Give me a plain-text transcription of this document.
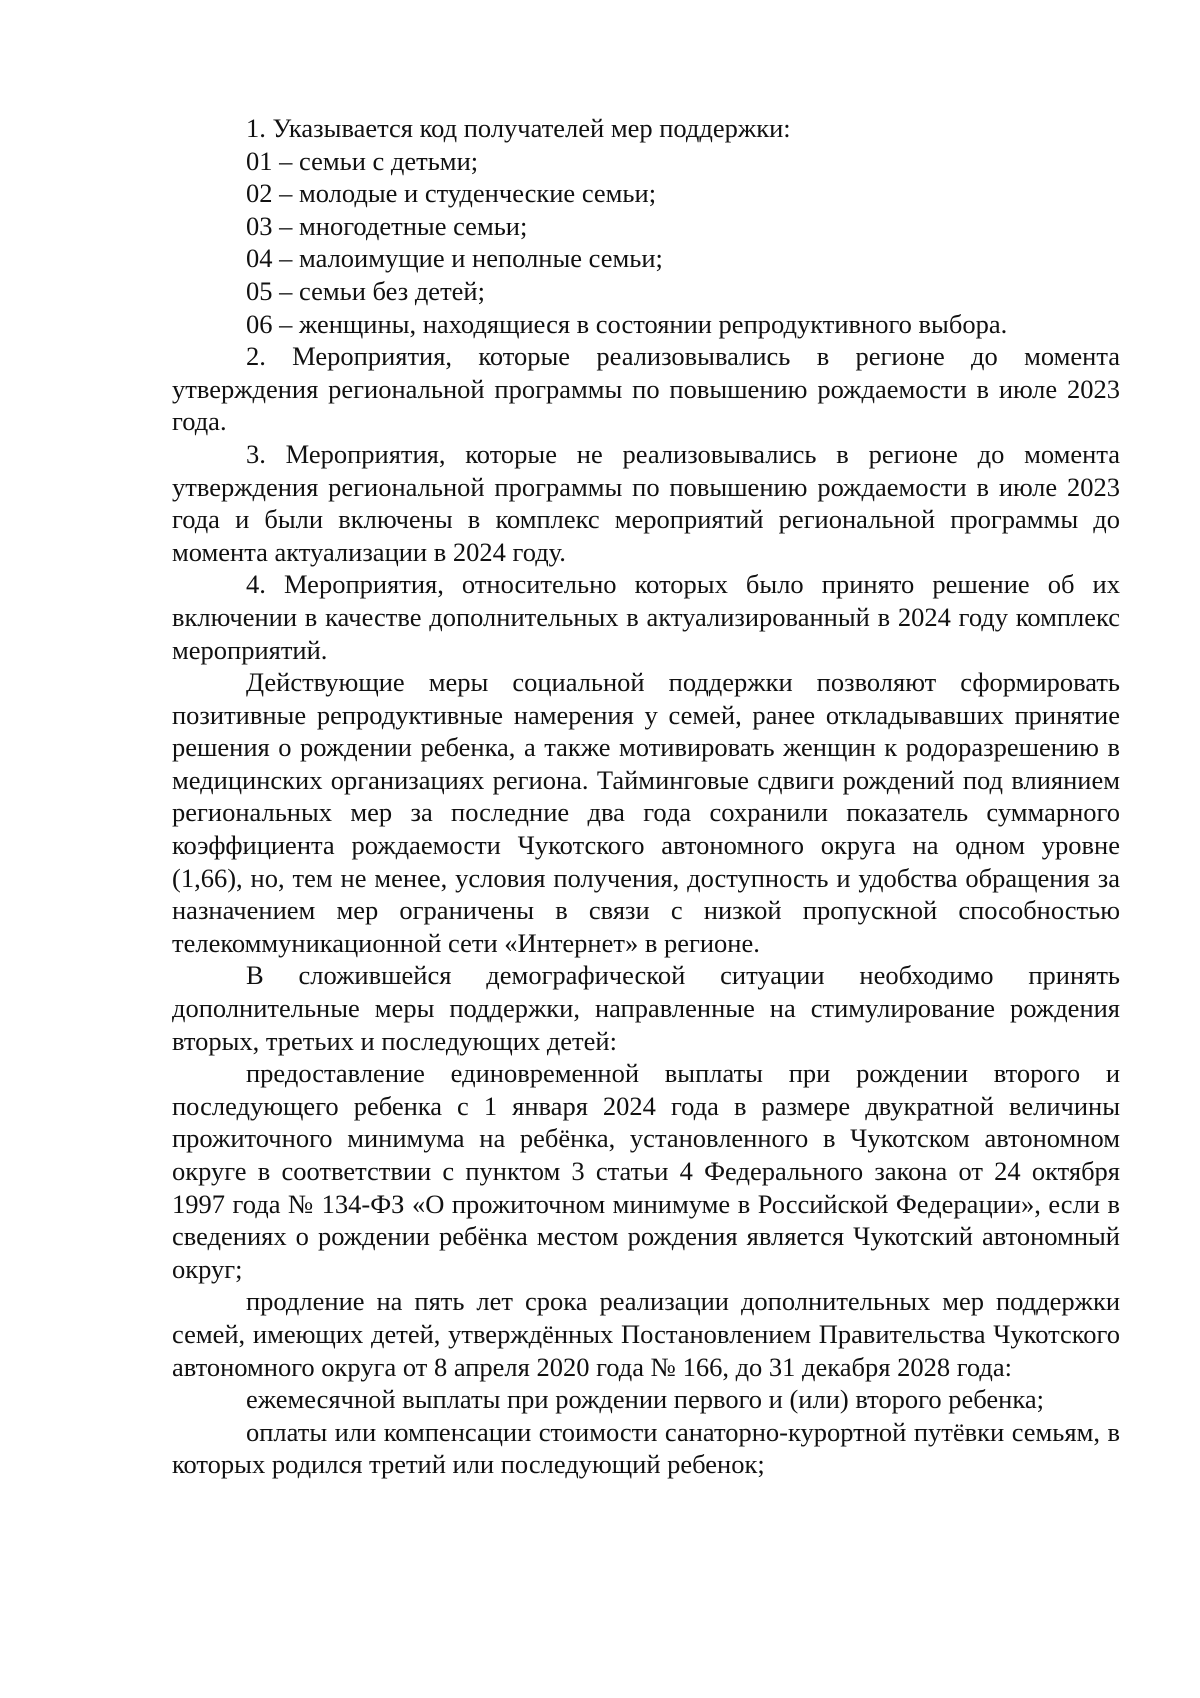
1. Указывается код получателей мер поддержки:

01 – семьи с детьми;

02 – молодые и студенческие семьи;

03 – многодетные семьи;

04 – малоимущие и неполные семьи;

05 – семьи без детей;

06 – женщины, находящиеся в состоянии репродуктивного выбора.

2. Мероприятия, которые реализовывались в регионе до момента утверждения региональной программы по повышению рождаемости в июле 2023 года.

3. Мероприятия, которые не реализовывались в регионе до момента утверждения региональной программы по повышению рождаемости в июле 2023 года и были включены в комплекс мероприятий региональной программы до момента актуализации в 2024 году.

4. Мероприятия, относительно которых было принято решение об их включении в качестве дополнительных в актуализированный в 2024 году комплекс мероприятий.

Действующие меры социальной поддержки позволяют сформировать позитивные репродуктивные намерения у семей, ранее откладывавших принятие решения о рождении ребенка, а также мотивировать женщин к родоразрешению в медицинских организациях региона. Тайминговые сдвиги рождений под влиянием региональных мер за последние два года сохранили показатель суммарного коэффициента рождаемости Чукотского автономного округа на одном уровне (1,66), но, тем не менее, условия получения, доступность и удобства обращения за назначением мер ограничены в связи с низкой пропускной способностью телекоммуникационной сети «Интернет» в регионе.

В сложившейся демографической ситуации необходимо принять дополнительные меры поддержки, направленные на стимулирование рождения вторых, третьих и последующих детей:

предоставление единовременной выплаты при рождении второго и последующего ребенка с 1 января 2024 года в размере двукратной величины прожиточного минимума на ребёнка, установленного в Чукотском автономном округе в соответствии с пунктом 3 статьи 4 Федерального закона от 24 октября 1997 года № 134-ФЗ «О прожиточном минимуме в Российской Федерации», если в сведениях о рождении ребёнка местом рождения является Чукотский автономный округ;

продление на пять лет срока реализации дополнительных мер поддержки семей, имеющих детей, утверждённых Постановлением Правительства Чукотского автономного округа от 8 апреля 2020 года № 166, до 31 декабря 2028 года:

ежемесячной выплаты при рождении первого и (или) второго ребенка;

оплаты или компенсации стоимости санаторно-курортной путёвки семьям, в которых родился третий или последующий ребенок;
